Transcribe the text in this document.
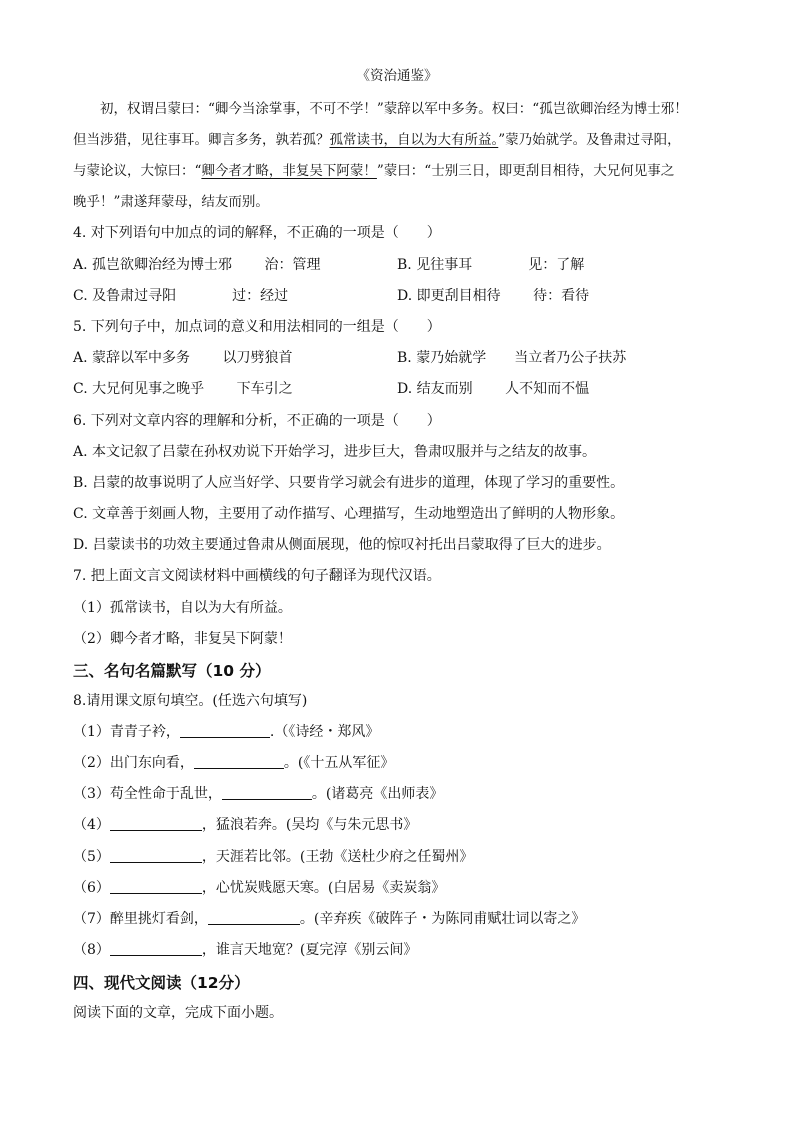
《资治通鉴》
初，权谓吕蒙曰：“卿今当涂掌事，不可不学！”蒙辞以军中多务。权曰：“孤岂欲卿治经为博士邪！
但当涉猎，见往事耳。卿言多务，孰若孤？孤常读书，自以为大有所益。”蒙乃始就学。及鲁肃过寻阳，
与蒙论议，大惊曰：“卿今者才略，非复吴下阿蒙！”蒙曰：“士别三日，即更刮目相待，大兄何见事之
晚乎！”肃遂拜蒙母，结友而别。
4. 对下列语句中加点的词的解释，不正确的一项是（　　）
A. 孤岂欲卿治经为博士邪　　 治：管理	B. 见往事耳　　　　见：了解
C. 及鲁肃过寻阳　　　　过：经过	D. 即更刮目相待　　 待：看待
5. 下列句子中，加点词的意义和用法相同的一组是（　　）
A. 蒙辞以军中多务　　 以刀劈狼首	B. 蒙乃始就学　　当立者乃公子扶苏
C. 大兄何见事之晚乎　　 下车引之	D. 结友而别　　 人不知而不愠
6. 下列对文章内容的理解和分析，不正确的一项是（　　）
A. 本文记叙了吕蒙在孙权劝说下开始学习，进步巨大，鲁肃叹服并与之结友的故事。
B. 吕蒙的故事说明了人应当好学、只要肯学习就会有进步的道理，体现了学习的重要性。
C. 文章善于刻画人物，主要用了动作描写、心理描写，生动地塑造出了鲜明的人物形象。
D. 吕蒙读书的功效主要通过鲁肃从侧面展现，他的惊叹衬托出吕蒙取得了巨大的进步。
7. 把上面文言文阅读材料中画横线的句子翻译为现代汉语。
（1）孤常读书，自以为大有所益。
（2）卿今者才略，非复吴下阿蒙！
三、名句名篇默写（10 分）
8.请用课文原句填空。(任选六句填写)
（1）青青子衿，	.（《诗经・郑风》
（2）出门东向看，	。(《十五从军征》
（3）苟全性命于乱世，	。(诸葛亮《出师表》
（4）	，猛浪若奔。(吴均《与朱元思书》
（5）	，天涯若比邻。(王勃《送杜少府之任蜀州》
（6）	，心忧炭贱愿天寒。(白居易《卖炭翁》
（7）醉里挑灯看剑，	。(辛弃疾《破阵子・为陈同甫赋壮词以寄之》
（8）	，谁言天地宽？(夏完淳《别云间》
四、现代文阅读（12分）
阅读下面的文章，完成下面小题。
